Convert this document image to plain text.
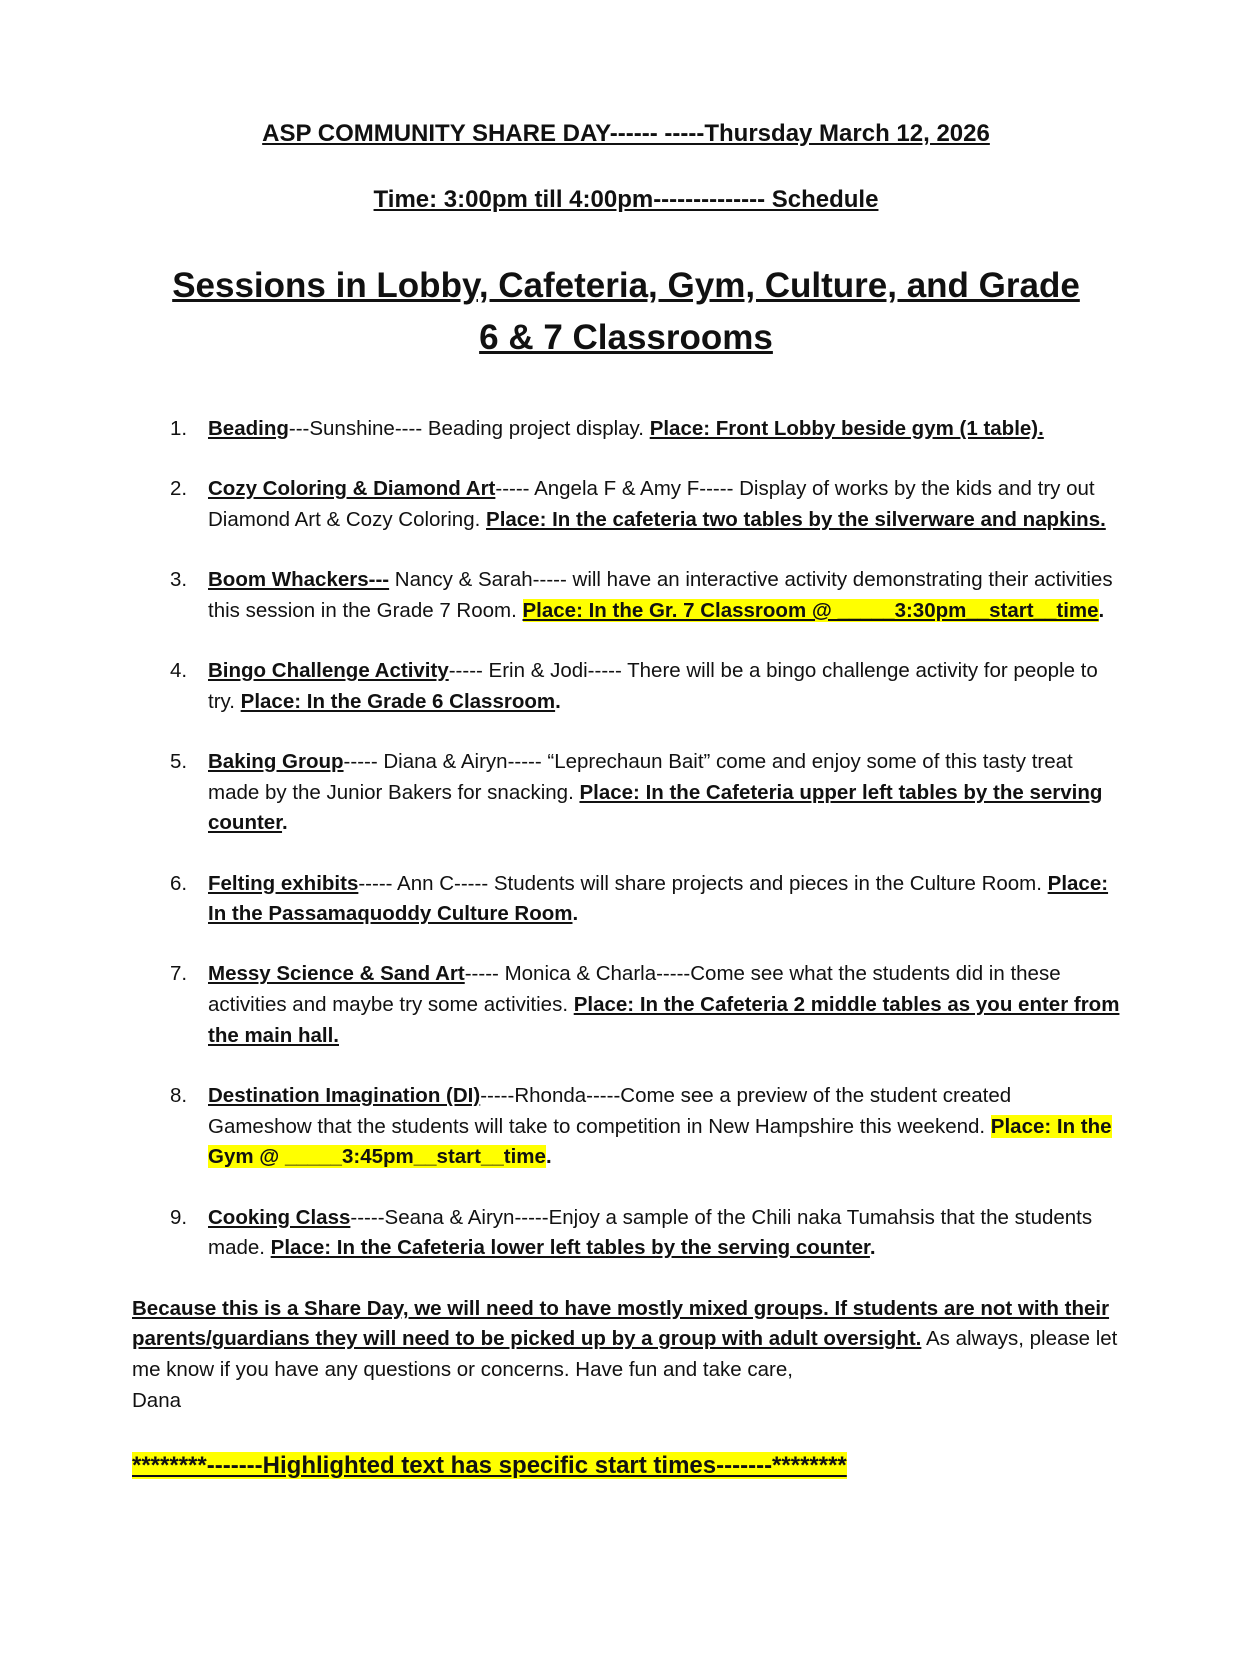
ASP COMMUNITY SHARE DAY------ -----Thursday March 12, 2026
Time: 3:00pm till 4:00pm-------------- Schedule
Sessions in Lobby, Cafeteria, Gym, Culture, and Grade 6 & 7 Classrooms
1. Beading---Sunshine---- Beading project display. Place: Front Lobby beside gym (1 table).
2. Cozy Coloring & Diamond Art----- Angela F & Amy F----- Display of works by the kids and try out Diamond Art & Cozy Coloring. Place: In the cafeteria two tables by the silverware and napkins.
3. Boom Whackers--- Nancy & Sarah----- will have an interactive activity demonstrating their activities this session in the Grade 7 Room. Place: In the Gr. 7 Classroom @ _____3:30pm__start__time.
4. Bingo Challenge Activity----- Erin & Jodi----- There will be a bingo challenge activity for people to try. Place: In the Grade 6 Classroom.
5. Baking Group----- Diana & Airyn----- “Leprechaun Bait” come and enjoy some of this tasty treat made by the Junior Bakers for snacking. Place: In the Cafeteria upper left tables by the serving counter.
6. Felting exhibits----- Ann C----- Students will share projects and pieces in the Culture Room. Place: In the Passamaquoddy Culture Room.
7. Messy Science & Sand Art----- Monica & Charla-----Come see what the students did in these activities and maybe try some activities. Place: In the Cafeteria 2 middle tables as you enter from the main hall.
8. Destination Imagination (DI)-----Rhonda-----Come see a preview of the student created Gameshow that the students will take to competition in New Hampshire this weekend. Place: In the Gym @ _____3:45pm__start__time.
9. Cooking Class-----Seana & Airyn-----Enjoy a sample of the Chili naka Tumahsis that the students made. Place: In the Cafeteria lower left tables by the serving counter.
Because this is a Share Day, we will need to have mostly mixed groups. If students are not with their parents/guardians they will need to be picked up by a group with adult oversight. As always, please let me know if you have any questions or concerns. Have fun and take care,
Dana
********-------Highlighted text has specific start times-------********
